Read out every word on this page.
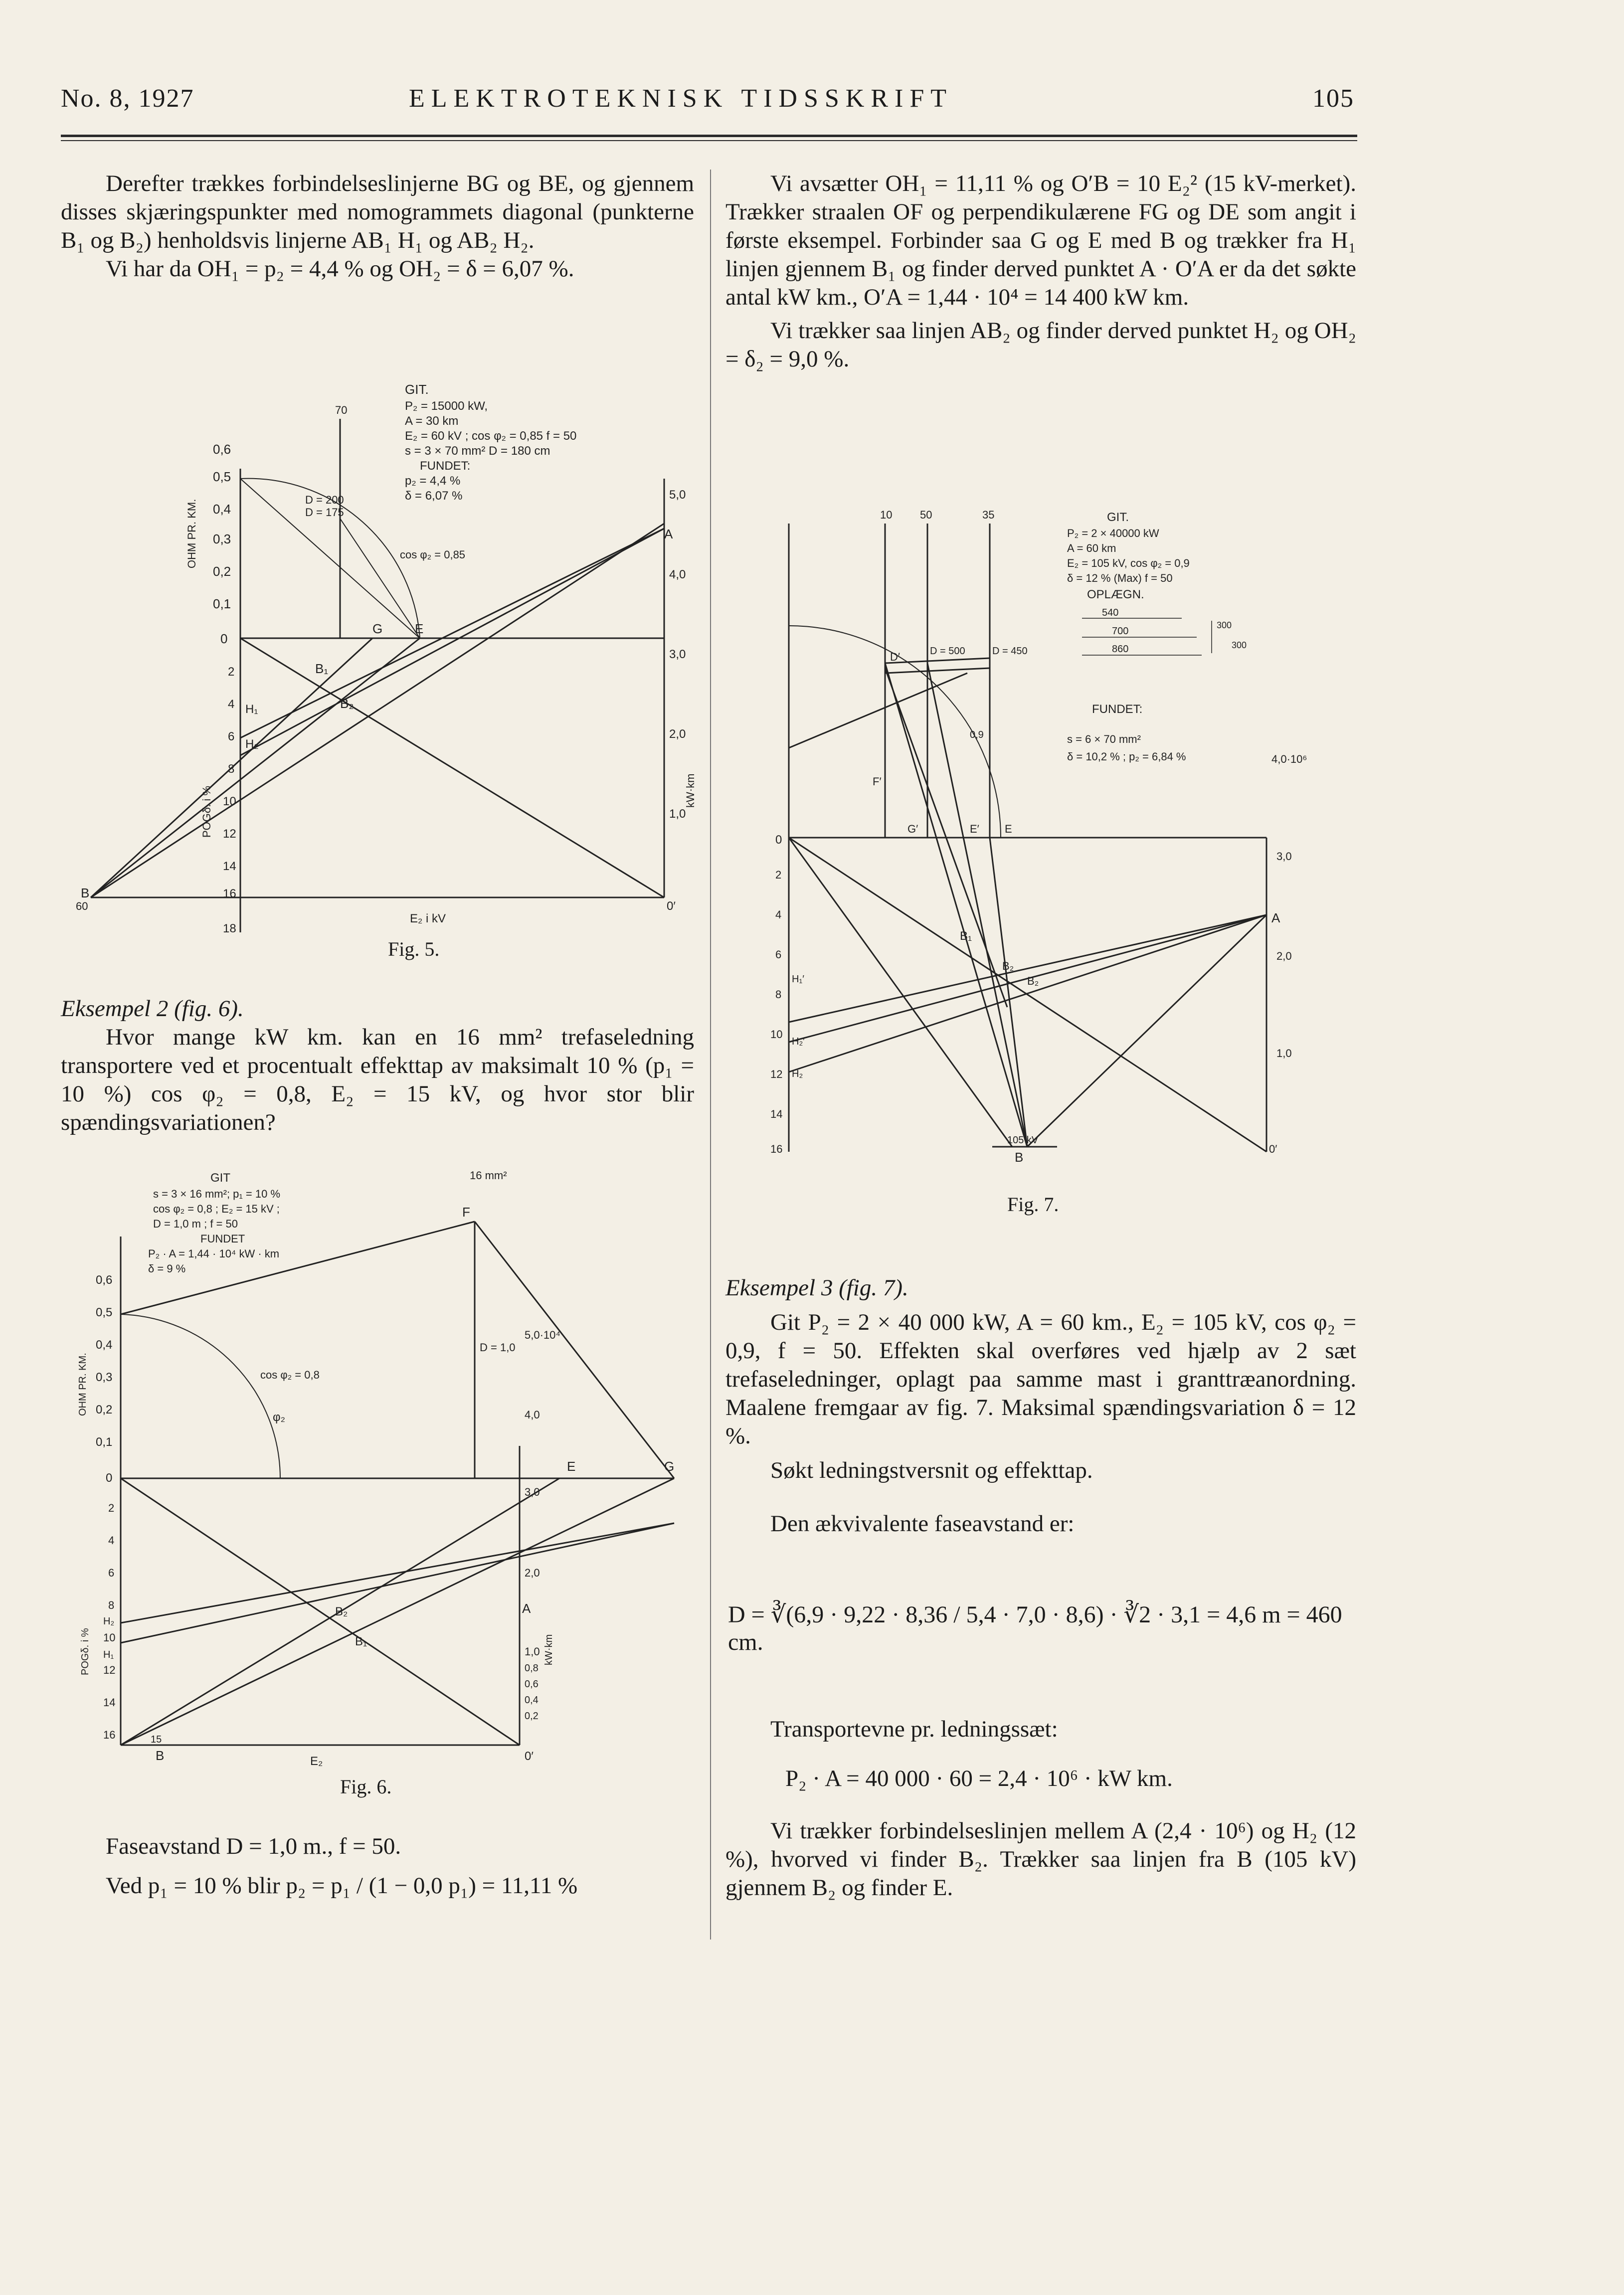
No. 8, 1927	ELEKTROTEKNISK TIDSSKRIFT	105

Derefter trækkes forbindelseslinjerne BG og BE, og gjennem disses skjæringspunkter med nomogrammets diagonal (punkterne B₁ og B₂) henholdsvis linjerne AB₁ H₁ og AB₂ H₂.

Vi har da OH₁ = p₂ = 4,4 % og OH₂ = δ = 6,07 %.

GIT.
P₂ = 15000 kW,
A = 30 km
E₂ = 60 kV ; cos φ₂ = 0,85 f = 50
s = 3 × 70 mm² D = 180 cm
FUNDET:
p₂ = 4,4 %
δ = 6,07 %
0,6
0,5
0,4
0,3
0,2
0,1
0
2
4
6
8
10
12
14
16
18
5,0
4,0
3,0
2,0
1,0
D = 200
D = 175
70
cos φ₂ = 0,85
G E
B₁
B₂
H₁
H₂
A
B
60	0′
E₂ i kV
OHM PR. KM.
POGδ. i %	kW·km
Fig. 5.

Eksempel 2 (fig. 6).

Hvor mange kW km. kan en 16 mm² trefaseledning transportere ved et procentualt effekttap av maksimalt 10 % (p₁ = 10 %) cos φ₂ = 0,8, E₂ = 15 kV, og hvor stor blir spændingsvariationen?

GIT
s = 3 × 16 mm²; p₁ = 10 %
cos φ₂ = 0,8 ; E₂ = 15 kV ;
D = 1,0 m ; f = 50
FUNDET
P₂ · A = 1,44 · 10⁴ kW · km
δ = 9 %
0,6
0,5
0,4
0,3
0,2
0,1
0
2
4
6
8
10
12
14
16
5,0·10⁴
4,0
3,0
2,0
1,0
0,8
0,6
0,4
0,2
16 mm²
F
D = 1,0
cos φ₂ = 0,8
φ₂
E	G
B₂
B₁
H₂
H₁
A
B
15
0′
E₂
OHM PR. KM.
POGδ. i %	kW·km
Fig. 6.

Faseavstand D = 1,0 m., f = 50.

Ved p₁ = 10 % blir p₂ = p₁ / (1 − 0,0 p₁) = 11,11 %

Vi avsætter OH₁ = 11,11 % og O′B = 10 E₂² (15 kV-merket). Trækker straalen OF og perpendikulærene FG og DE som angit i første eksempel. Forbinder saa G og E med B og trækker fra H₁ linjen gjennem B₁ og finder derved punktet A · O′A er da det søkte antal kW km., O′A = 1,44 · 10⁴ = 14 400 kW km.

Vi trækker saa linjen AB₂ og finder derved punktet H₂ og OH₂ = δ₂ = 9,0 %.

GIT.
P₂ = 2 × 40000 kW
A = 60 km
E₂ = 105 kV, cos φ₂ = 0,9
δ = 12 % (Max) f = 50
OPLÆGN.
540
700
860
300
300
FUNDET:
s = 6 × 70 mm²
δ = 10,2 % ; p₂ = 6,84 %
10	50	35
0
2
4
6
8
10
12
14
16
4,0·10⁶
3,0
2,0
1,0
D′	D = 500	D = 450
0,9
F′
G′	E′ E
B₁
B₂
B₂
H₁′
H₂′
H₂
A
105 kV
B
0′
Fig. 7.

Eksempel 3 (fig. 7).

Git P₂ = 2 × 40 000 kW, A = 60 km., E₂ = 105 kV, cos φ₂ = 0,9, f = 50. Effekten skal overføres ved hjælp av 2 sæt trefaseledninger, oplagt paa samme mast i granttræanordning. Maalene fremgaar av fig. 7. Maksimal spændingsvariation δ = 12 %.

Søkt ledningstversnit og effekttap.

Den ækvivalente faseavstand er:

D = ∛(6,9 · 9,22 · 8,36 / 5,4 · 7,0 · 8,6) · ∛2 · 3,1 = 4,6 m = 460 cm.

Transportevne pr. ledningssæt:

P₂ · A = 40 000 · 60 = 2,4 · 10⁶ · kW km.

Vi trækker forbindelseslinjen mellem A (2,4 · 10⁶) og H₂ (12 %), hvorved vi finder B₂. Trækker saa linjen fra B (105 kV) gjennem B₂ og finder E.
